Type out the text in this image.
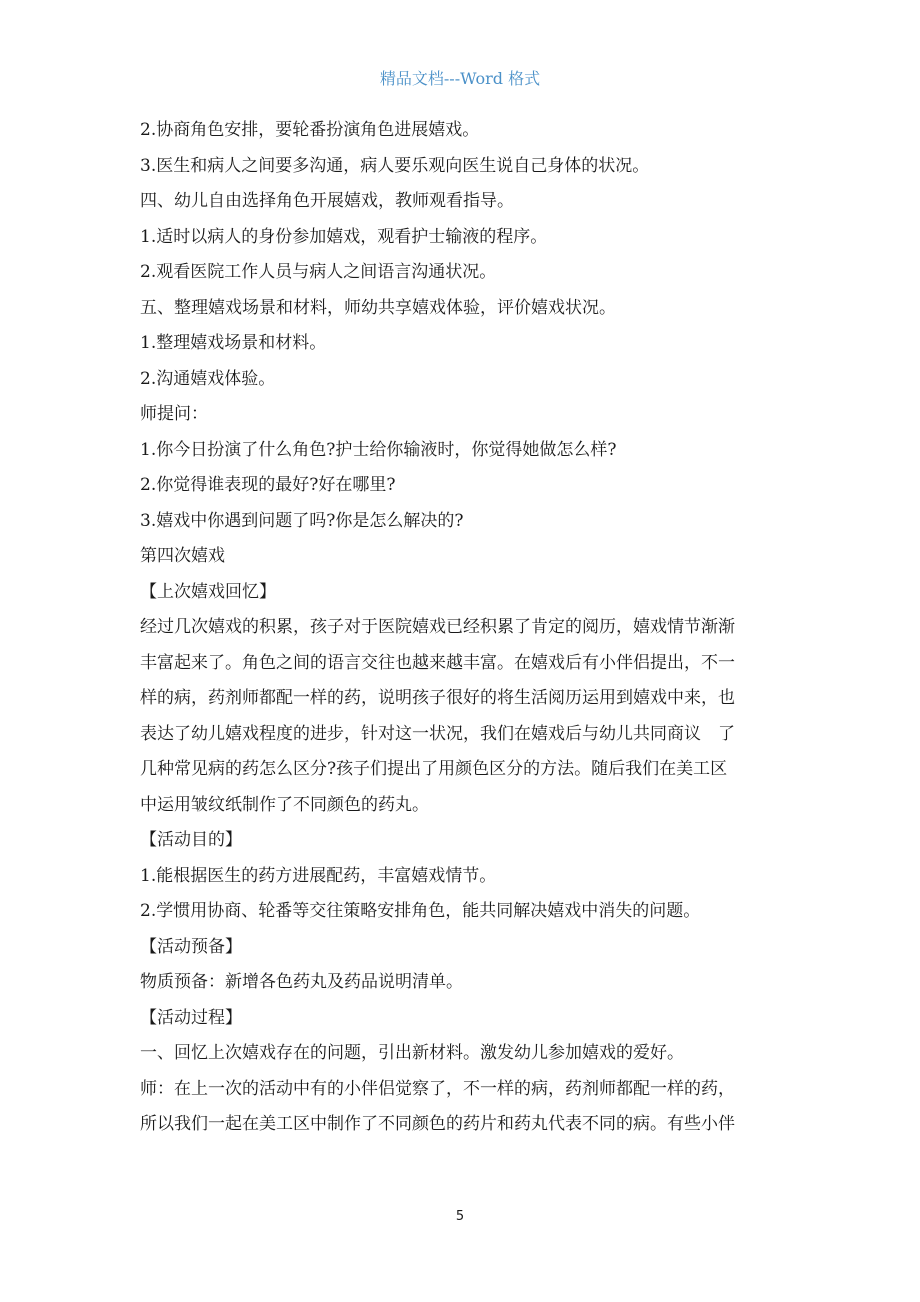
精品文档---Word 格式
2.协商角色安排，要轮番扮演角色进展嬉戏。
3.医生和病人之间要多沟通，病人要乐观向医生说自己身体的状况。
四、幼儿自由选择角色开展嬉戏，教师观看指导。
1.适时以病人的身份参加嬉戏，观看护士输液的程序。
2.观看医院工作人员与病人之间语言沟通状况。
五、整理嬉戏场景和材料，师幼共享嬉戏体验，评价嬉戏状况。
1.整理嬉戏场景和材料。
2.沟通嬉戏体验。
师提问：
1.你今日扮演了什么角色?护士给你输液时，你觉得她做怎么样?
2.你觉得谁表现的最好?好在哪里?
3.嬉戏中你遇到问题了吗?你是怎么解决的?
第四次嬉戏
【上次嬉戏回忆】
经过几次嬉戏的积累，孩子对于医院嬉戏已经积累了肯定的阅历，嬉戏情节渐渐
丰富起来了。角色之间的语言交往也越来越丰富。在嬉戏后有小伴侣提出，不一
样的病，药剂师都配一样的药，说明孩子很好的将生活阅历运用到嬉戏中来，也
表达了幼儿嬉戏程度的进步，针对这一状况，我们在嬉戏后与幼儿共同商议　了
几种常见病的药怎么区分?孩子们提出了用颜色区分的方法。随后我们在美工区
中运用皱纹纸制作了不同颜色的药丸。
【活动目的】
1.能根据医生的药方进展配药，丰富嬉戏情节。
2.学惯用协商、轮番等交往策略安排角色，能共同解决嬉戏中消失的问题。
【活动预备】
物质预备：新增各色药丸及药品说明清单。
【活动过程】
一、回忆上次嬉戏存在的问题，引出新材料。激发幼儿参加嬉戏的爱好。
师：在上一次的活动中有的小伴侣觉察了，不一样的病，药剂师都配一样的药，
所以我们一起在美工区中制作了不同颜色的药片和药丸代表不同的病。有些小伴
5
